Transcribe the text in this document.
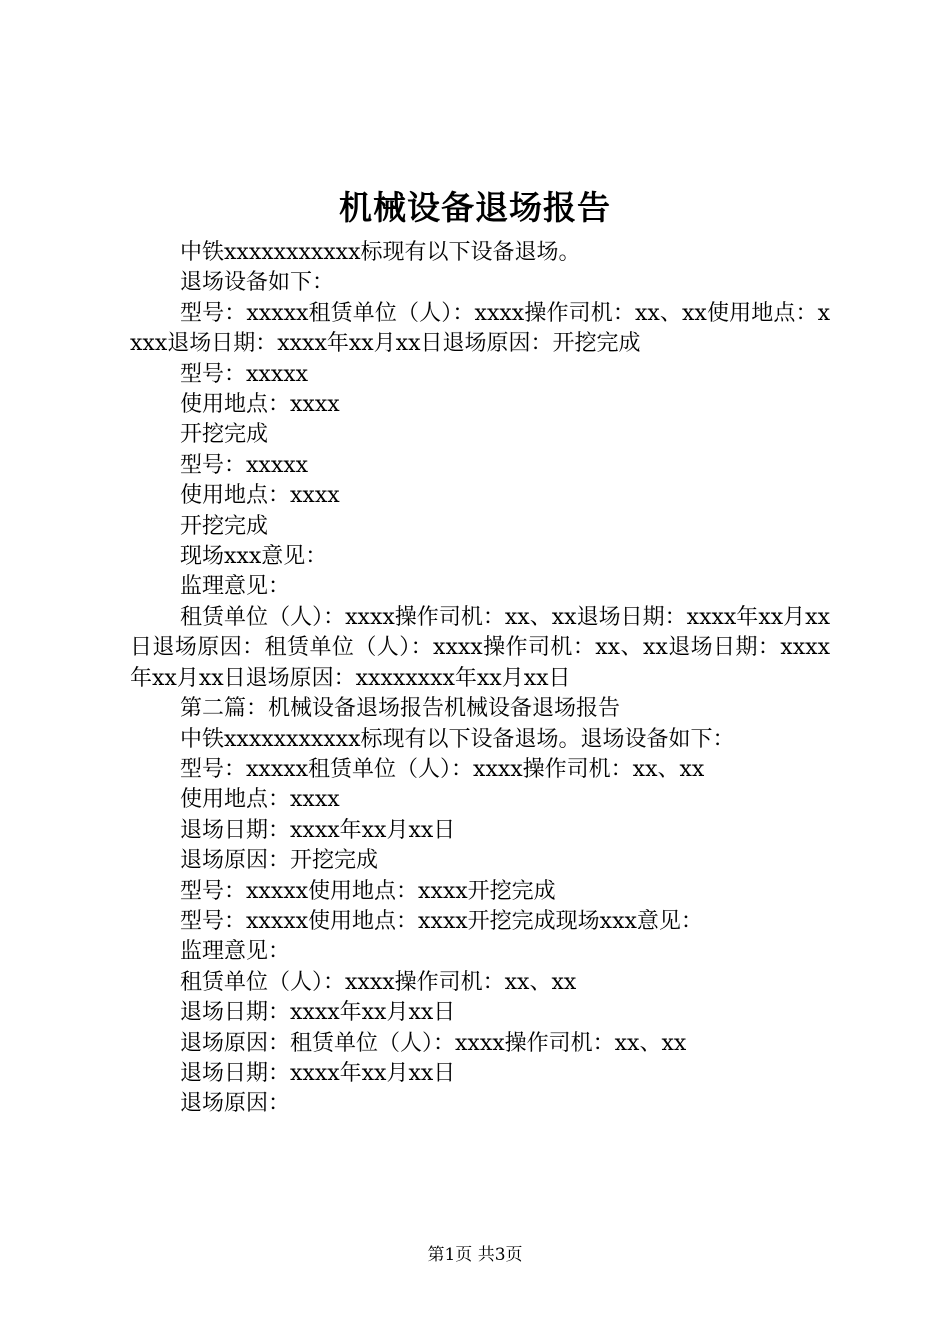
机械设备退场报告

中铁xxxxxxxxxxx标现有以下设备退场。

退场设备如下：

型号：xxxxx租赁单位（人）：xxxx操作司机：xx、xx使用地点：xxxx退场日期：xxxx年xx月xx日退场原因：开挖完成

型号：xxxxx

使用地点：xxxx

开挖完成

型号：xxxxx

使用地点：xxxx

开挖完成

现场xxx意见：

监理意见：

租赁单位（人）：xxxx操作司机：xx、xx退场日期：xxxx年xx月xx日退场原因：租赁单位（人）：xxxx操作司机：xx、xx退场日期：xxxx年xx月xx日退场原因：xxxxxxxx年xx月xx日

第二篇：机械设备退场报告机械设备退场报告

中铁xxxxxxxxxxx标现有以下设备退场。退场设备如下：

型号：xxxxx租赁单位（人）：xxxx操作司机：xx、xx

使用地点：xxxx

退场日期：xxxx年xx月xx日

退场原因：开挖完成

型号：xxxxx使用地点：xxxx开挖完成

型号：xxxxx使用地点：xxxx开挖完成现场xxx意见：

监理意见：

租赁单位（人）：xxxx操作司机：xx、xx

退场日期：xxxx年xx月xx日

退场原因：租赁单位（人）：xxxx操作司机：xx、xx

退场日期：xxxx年xx月xx日

退场原因：

第1页 共3页
